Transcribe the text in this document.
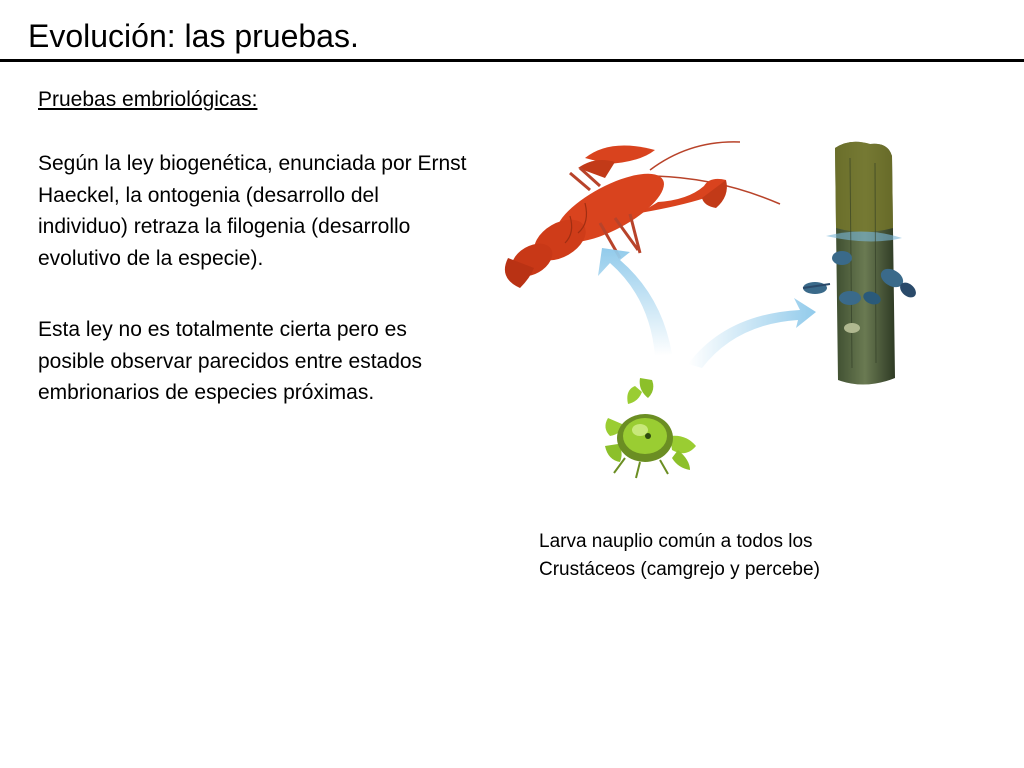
Evolución: las pruebas.
Pruebas embriológicas:

Según la ley biogenética, enunciada por Ernst Haeckel, la ontogenia (desarrollo del individuo) retraza la filogenia (desarrollo evolutivo de la especie).

Esta ley no es totalmente cierta pero es posible observar parecidos entre estados embrionarios de especies próximas.

Larva nauplio común a todos los
Crustáceos (camgrejo y percebe)
